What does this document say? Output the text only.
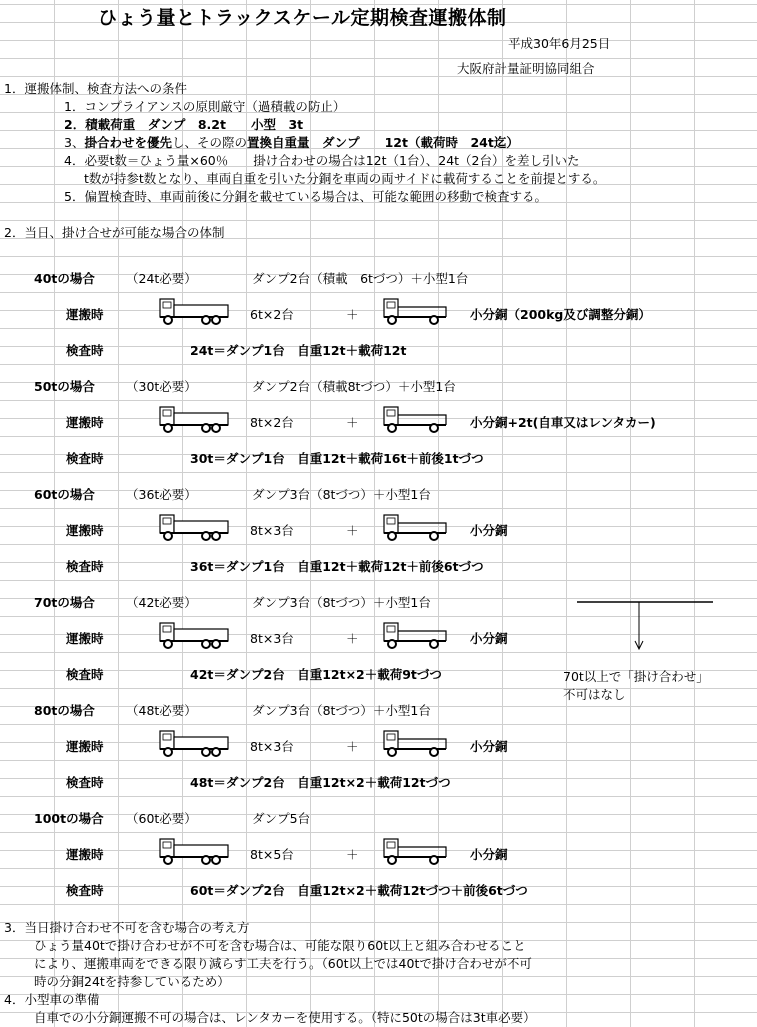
ひょう量とトラックスケール定期検査運搬体制
平成30年6月25日
大阪府計量証明協同組合
1．運搬体制、検査方法への条件
1．コンプライアンスの原則厳守（過積載の防止）
2．積載荷重　ダンプ　8.2t　　小型　3t
3、掛合わせを優先し、その際の置換自重量　ダンプ　　12t（載荷時　24t迄）
4．必要t数＝ひょう量×60％　　掛け合わせの場合は12t（1台）、24t（2台）を差し引いた
t数が持参t数となり、車両自重を引いた分銅を車両の両サイドに載荷することを前提とする。
5．偏置検査時、車両前後に分銅を載せている場合は、可能な範囲の移動で検査する。
2．当日、掛け合せが可能な場合の体制
40tの場合 （24t必要）	ダンプ2台（積載　6tづつ）＋小型1台
運搬時	6t×2台	＋	小分銅（200kg及び調整分銅）
検査時	24t＝ダンプ1台　自重12t＋載荷12t
50tの場合 （30t必要）	ダンプ2台（積載8tづつ）＋小型1台
運搬時	8t×2台	＋	小分銅+2t(自車又はレンタカー)
検査時	30t＝ダンプ1台　自重12t＋載荷16t＋前後1tづつ
60tの場合 （36t必要）	ダンプ3台（8tづつ）＋小型1台
運搬時	8t×3台	＋	小分銅
検査時	36t＝ダンプ1台　自重12t＋載荷12t＋前後6tづつ
70tの場合 （42t必要）	ダンプ3台（8tづつ）＋小型1台
運搬時	8t×3台	＋	小分銅
検査時	42t＝ダンプ2台　自重12t×2＋載荷9tづつ
80tの場合 （48t必要）	ダンプ3台（8tづつ）＋小型1台
運搬時	8t×3台	＋	小分銅
検査時	48t＝ダンプ2台　自重12t×2＋載荷12tづつ
100tの場合 （60t必要）	ダンプ5台
運搬時	8t×5台	＋	小分銅
検査時	60t＝ダンプ2台　自重12t×2＋載荷12tづつ＋前後6tづつ
70t以上で「掛け合わせ」
不可はなし
3．当日掛け合わせ不可を含む場合の考え方
ひょう量40tで掛け合わせが不可を含む場合は、可能な限り60t以上と組み合わせること
により、運搬車両をできる限り減らす工夫を行う。（60t以上では40tで掛け合わせが不可
時の分銅24tを持参しているため）
4．小型車の準備
自車での小分銅運搬不可の場合は、レンタカーを使用する。（特に50tの場合は3t車必要）
